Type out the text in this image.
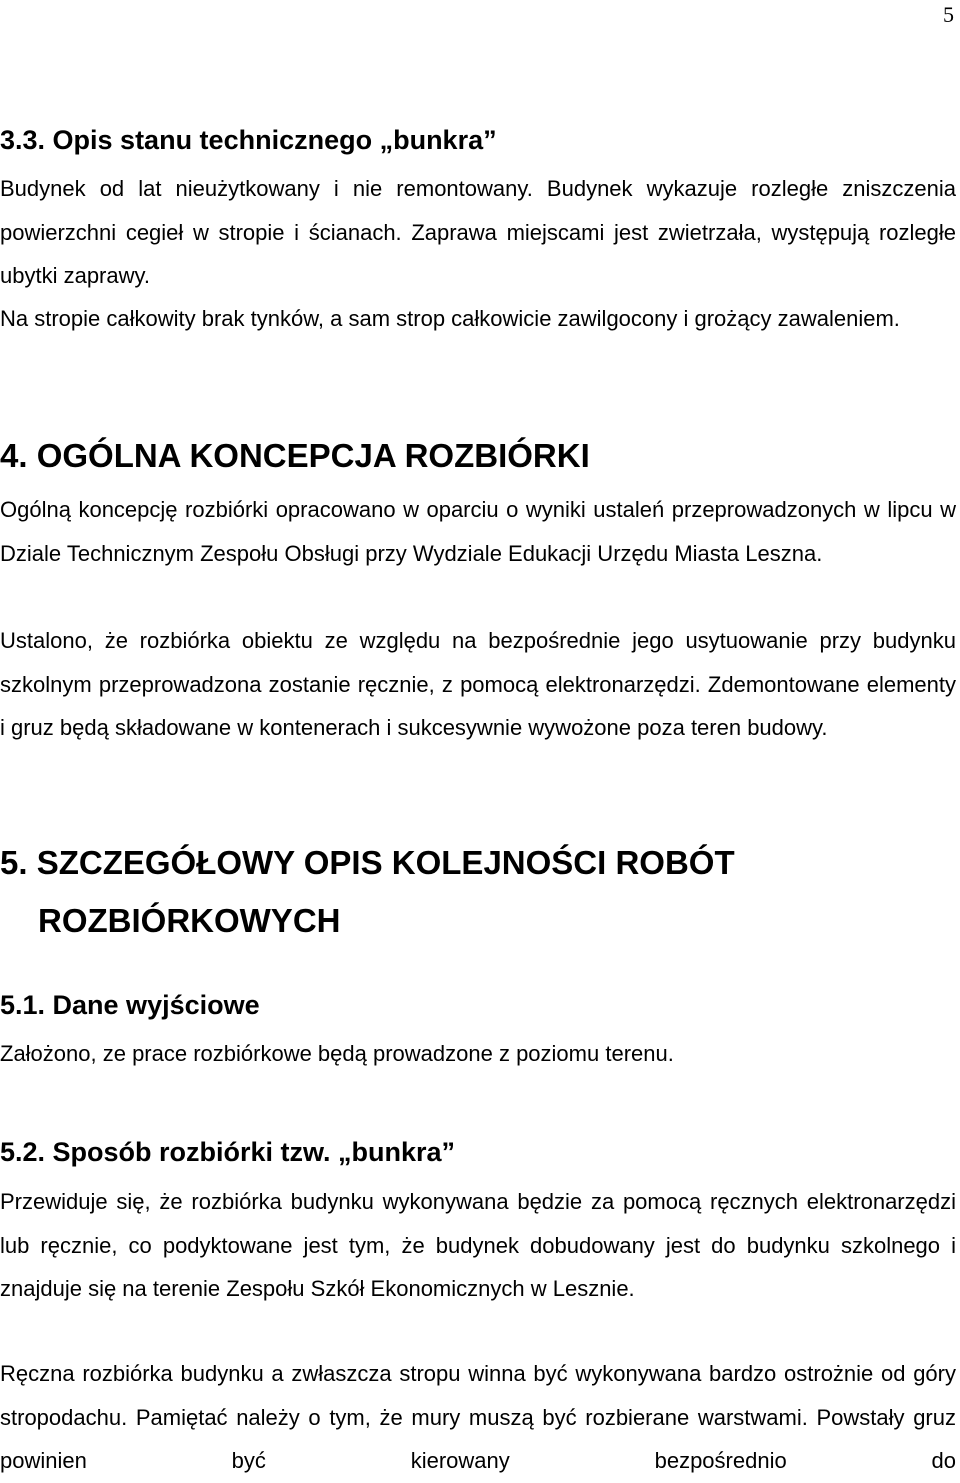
5
3.3. Opis stanu technicznego „bunkra”

Budynek od lat nieużytkowany i nie remontowany. Budynek wykazuje rozległe zniszczenia powierzchni cegieł w stropie i ścianach. Zaprawa miejscami jest zwietrzała, występują rozległe ubytki zaprawy.

Na stropie całkowity brak tynków, a sam strop całkowicie zawilgocony i grożący zawaleniem.

4. OGÓLNA KONCEPCJA ROZBIÓRKI

Ogólną koncepcję rozbiórki opracowano w oparciu o wyniki ustaleń przeprowadzonych w lipcu w Dziale Technicznym Zespołu Obsługi przy Wydziale Edukacji Urzędu Miasta Leszna.

Ustalono, że rozbiórka obiektu ze względu na bezpośrednie jego usytuowanie przy budynku szkolnym przeprowadzona zostanie ręcznie, z pomocą elektronarzędzi. Zdemontowane elementy i gruz będą składowane w kontenerach i sukcesywnie wywożone poza teren budowy.

5. SZCZEGÓŁOWY OPIS KOLEJNOŚCI ROBÓT
ROZBIÓRKOWYCH
5.1. Dane wyjściowe

Założono, ze prace rozbiórkowe będą prowadzone z poziomu terenu.

5.2. Sposób rozbiórki tzw. „bunkra”

Przewiduje się, że rozbiórka budynku wykonywana będzie za pomocą ręcznych elektronarzędzi lub ręcznie, co podyktowane jest tym, że budynek dobudowany jest do budynku szkolnego i znajduje się na terenie Zespołu Szkół Ekonomicznych w Lesznie.

Ręczna rozbiórka budynku a zwłaszcza stropu winna być wykonywana bardzo ostrożnie od góry stropodachu. Pamiętać należy o tym, że mury muszą być rozbierane warstwami. Powstały gruz powinien być kierowany bezpośrednio do
